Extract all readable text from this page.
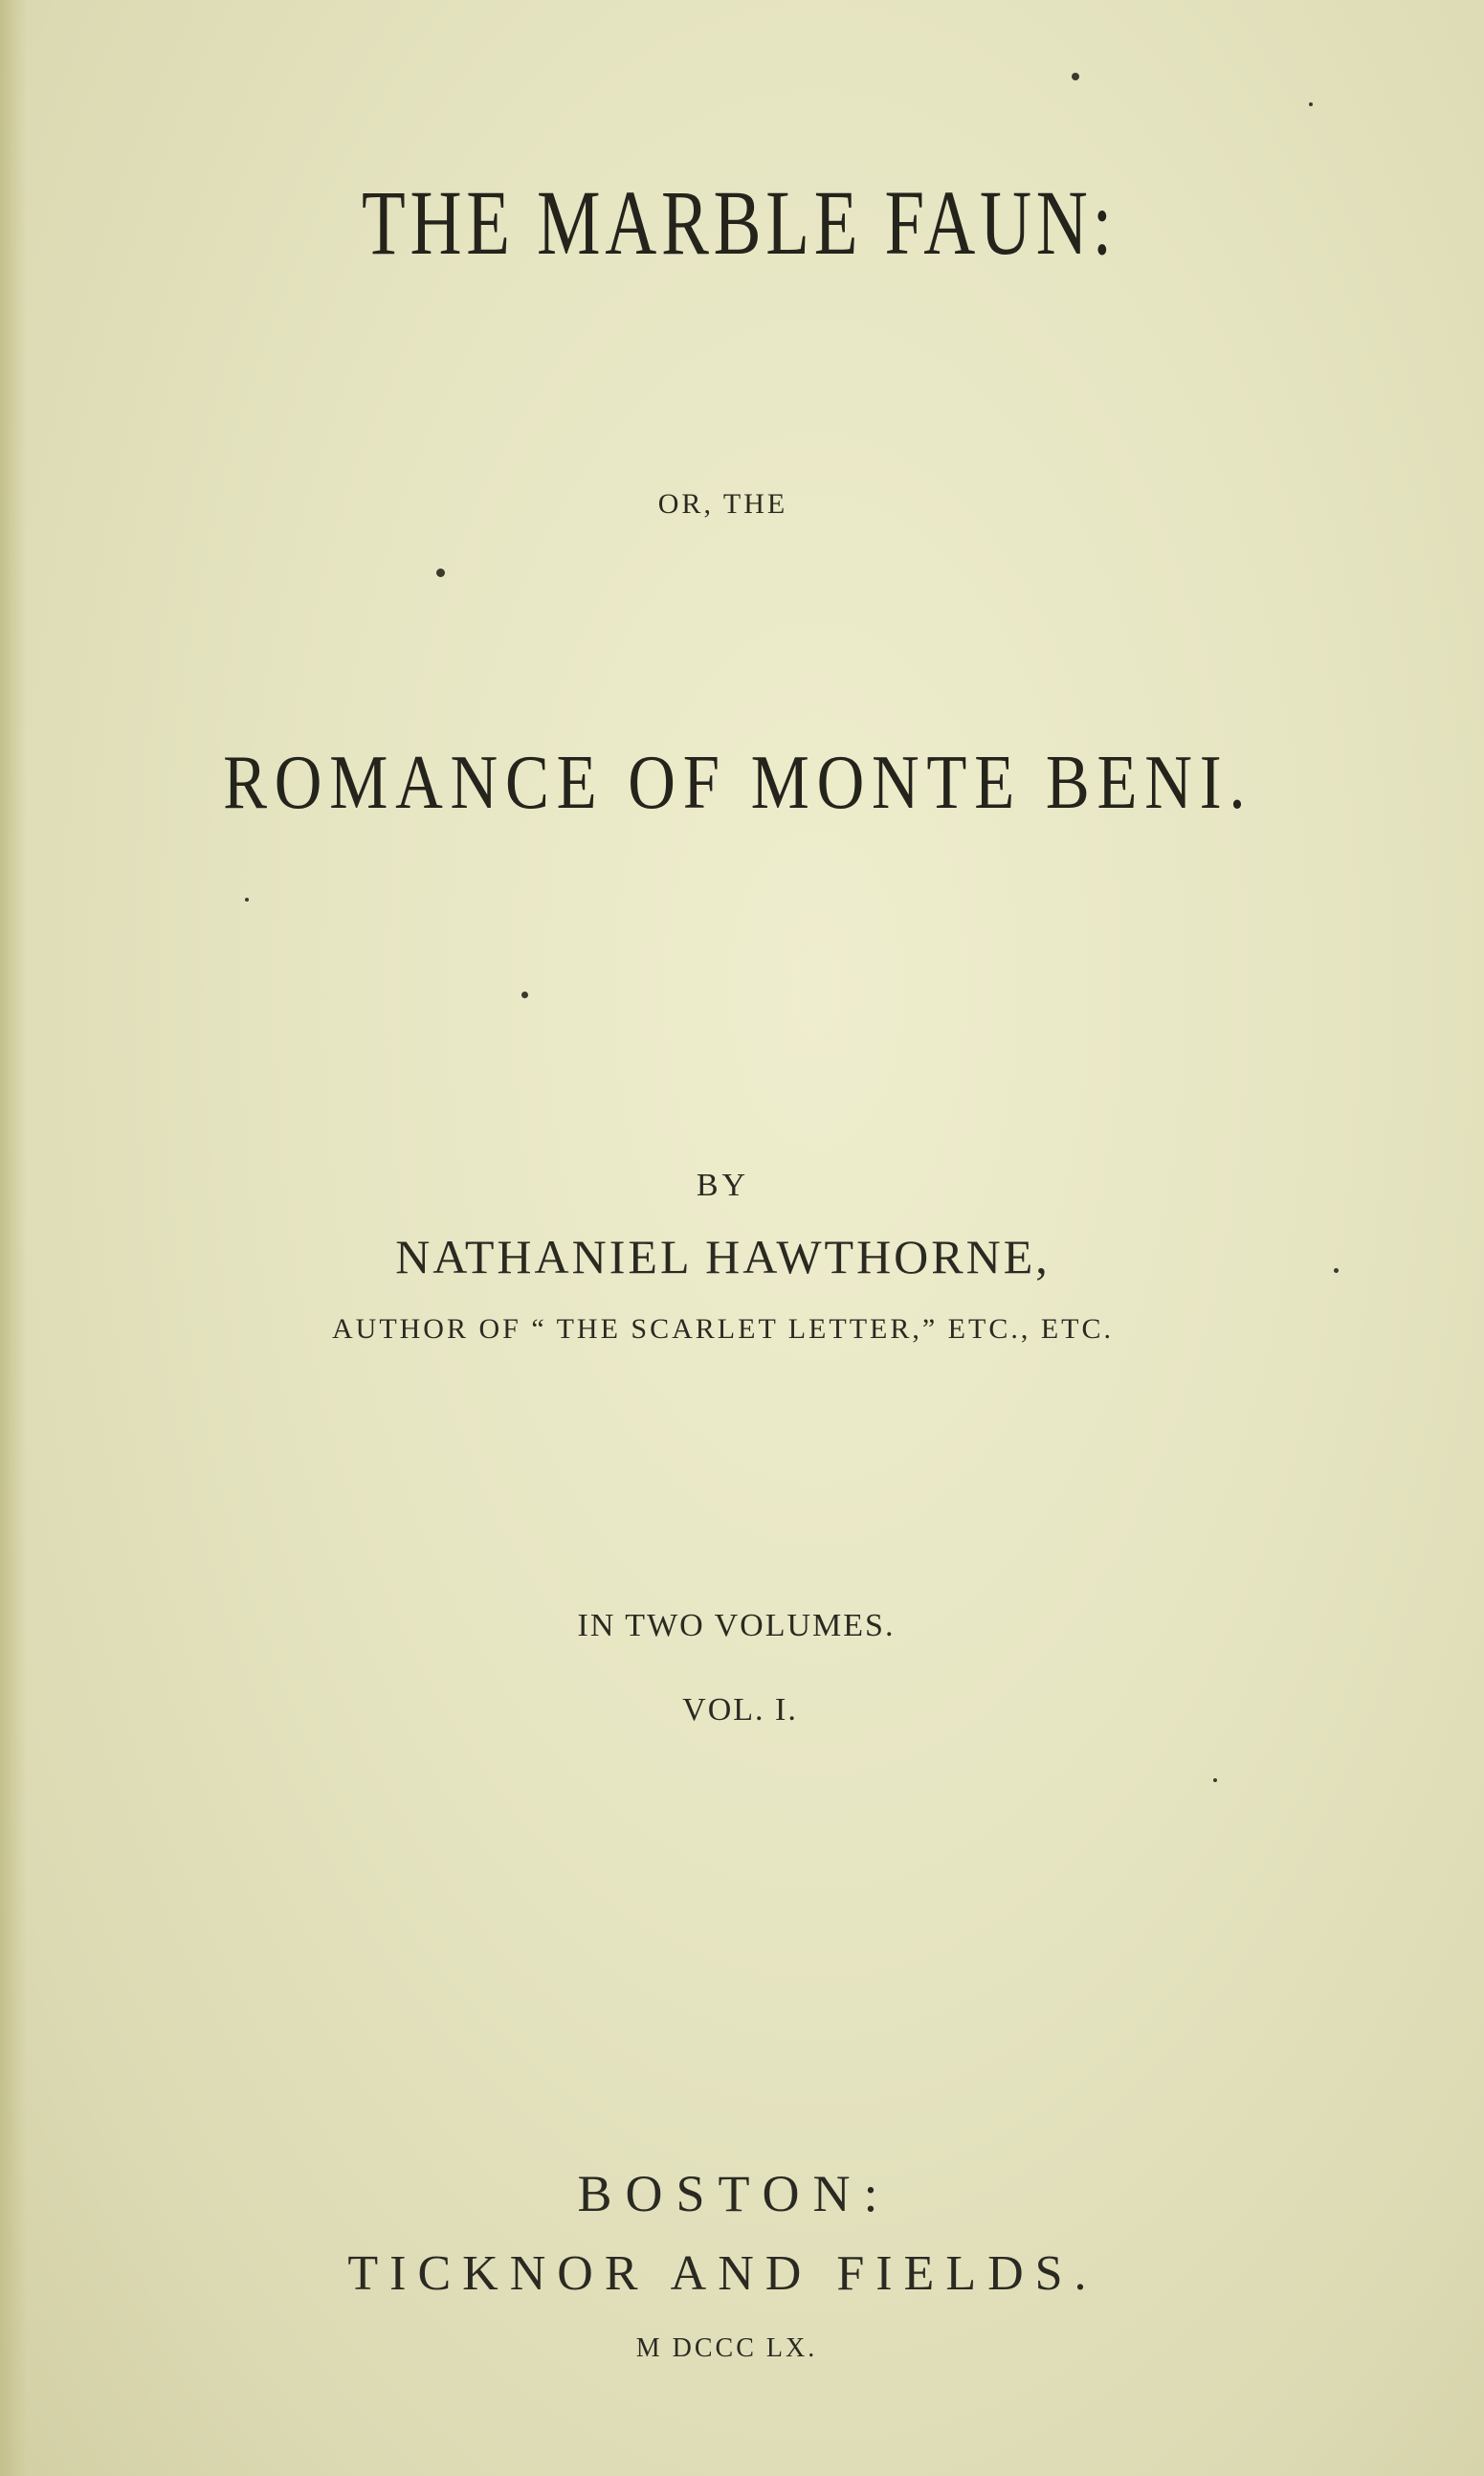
THE MARBLE FAUN:
OR, THE
ROMANCE OF MONTE BENI.
BY
NATHANIEL HAWTHORNE,
AUTHOR OF “ THE SCARLET LETTER,” ETC., ETC.
IN TWO VOLUMES.
VOL. I.
BOSTON:
TICKNOR AND FIELDS.
M DCCC LX.
